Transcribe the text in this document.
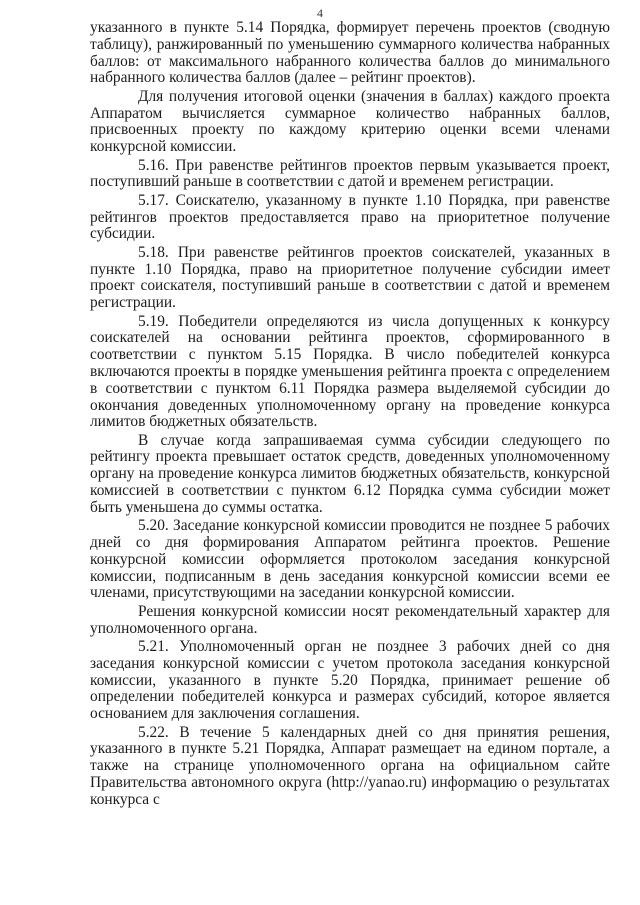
4

указанного в пункте 5.14 Порядка, формирует перечень проектов (сводную таблицу), ранжированный по уменьшению суммарного количества набранных баллов: от максимального набранного количества баллов до минимального набранного количества баллов (далее – рейтинг проектов).

Для получения итоговой оценки (значения в баллах) каждого проекта Аппаратом вычисляется суммарное количество набранных баллов, присвоенных проекту по каждому критерию оценки всеми членами конкурсной комиссии.

5.16. При равенстве рейтингов проектов первым указывается проект, поступивший раньше в соответствии с датой и временем регистрации.

5.17. Соискателю, указанному в пункте 1.10 Порядка, при равенстве рейтингов проектов предоставляется право на приоритетное получение субсидии.

5.18. При равенстве рейтингов проектов соискателей, указанных в пункте 1.10 Порядка, право на приоритетное получение субсидии имеет проект соискателя, поступивший раньше в соответствии с датой и временем регистрации.

5.19. Победители определяются из числа допущенных к конкурсу соискателей на основании рейтинга проектов, сформированного в соответствии с пунктом 5.15 Порядка. В число победителей конкурса включаются проекты в порядке уменьшения рейтинга проекта с определением в соответствии с пунктом 6.11 Порядка размера выделяемой субсидии до окончания доведенных уполномоченному органу на проведение конкурса лимитов бюджетных обязательств.

В случае когда запрашиваемая сумма субсидии следующего по рейтингу проекта превышает остаток средств, доведенных уполномоченному органу на проведение конкурса лимитов бюджетных обязательств, конкурсной комиссией в соответствии с пунктом 6.12 Порядка сумма субсидии может быть уменьшена до суммы остатка.

5.20. Заседание конкурсной комиссии проводится не позднее 5 рабочих дней со дня формирования Аппаратом рейтинга проектов. Решение конкурсной комиссии оформляется протоколом заседания конкурсной комиссии, подписанным в день заседания конкурсной комиссии всеми ее членами, присутствующими на заседании конкурсной комиссии.

Решения конкурсной комиссии носят рекомендательный характер для уполномоченного органа.

5.21. Уполномоченный орган не позднее 3 рабочих дней со дня заседания конкурсной комиссии с учетом протокола заседания конкурсной комиссии, указанного в пункте 5.20 Порядка, принимает решение об определении победителей конкурса и размерах субсидий, которое является основанием для заключения соглашения.

5.22. В течение 5 календарных дней со дня принятия решения, указанного в пункте 5.21 Порядка, Аппарат размещает на едином портале, а также на странице уполномоченного органа на официальном сайте Правительства автономного округа (http://yanao.ru) информацию о результатах конкурса с
